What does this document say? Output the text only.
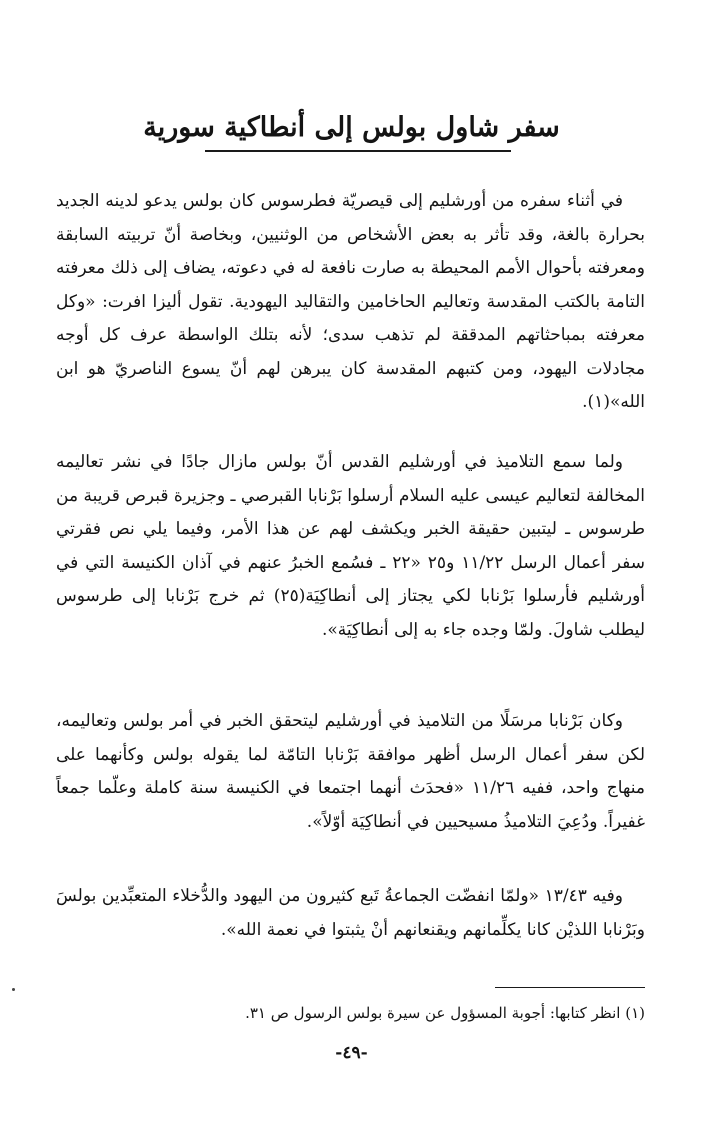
سفر شاول بولس إلى أنطاكية سورية

في أثناء سفره من أورشليم إلى قيصريّة فطرسوس كان بولس يدعو لدينه الجديد بحرارة بالغة، وقد تأثر به بعض الأشخاص من الوثنيين، وبخاصة أنّ تربيته السابقة ومعرفته بأحوال الأمم المحيطة به صارت نافعة له في دعوته، يضاف إلى ذلك معرفته التامة بالكتب المقدسة وتعاليم الحاخامين والتقاليد اليهودية. تقول أليزا افرت: «وكل معرفته بمباحثاتهم المدققة لم تذهب سدى؛ لأنه بتلك الواسطة عرف كل أوجه مجادلات اليهود، ومن كتبهم المقدسة كان يبرهن لهم أنّ يسوع الناصريّ هو ابن الله»(١).

ولما سمع التلاميذ في أورشليم القدس أنّ بولس مازال جادًا في نشر تعاليمه المخالفة لتعاليم عيسى عليه السلام أرسلوا بَرْنابا القبرصي ـ وجزيرة قبرص قريبة من طرسوس ـ ليتبين حقيقة الخبر ويكشف لهم عن هذا الأمر، وفيما يلي نص فقرتي سفر أعمال الرسل ١١/٢٢ و٢٥ «٢٢ ـ فسُمع الخبرُ عنهم في آذان الكنيسة التي في أورشليم فأرسلوا بَرْنابا لكي يجتاز إلى أنطاكِيَة(٢٥) ثم خرج بَرْنابا إلى طرسوس ليطلب شاولَ. ولمّا وجده جاء به إلى أنطاكِيَة».

وكان بَرْنابا مرسَلًا من التلاميذ في أورشليم ليتحقق الخبر في أمر بولس وتعاليمه، لكن سفر أعمال الرسل أظهر موافقة بَرْنابا التامّة لما يقوله بولس وكأنهما على منهاج واحد، ففيه ١١/٢٦ «فحدَث أنهما اجتمعا في الكنيسة سنة كاملة وعلّما جمعاً غفيراً. ودُعِيَ التلاميذُ مسيحيين في أنطاكِيَة أوّلاً».

وفيه ١٣/٤٣ «ولمّا انفضّت الجماعةُ تَبع كثيرون من اليهود والدُّخلاء المتعبِّدين بولسَ وبَرْنابا اللذيْن كانا يكلِّمانهم ويقنعانهم أنْ يثبتوا في نعمة الله».

(١) انظر كتابها: أجوبة المسؤول عن سيرة بولس الرسول ص ٣١.

-٤٩-
